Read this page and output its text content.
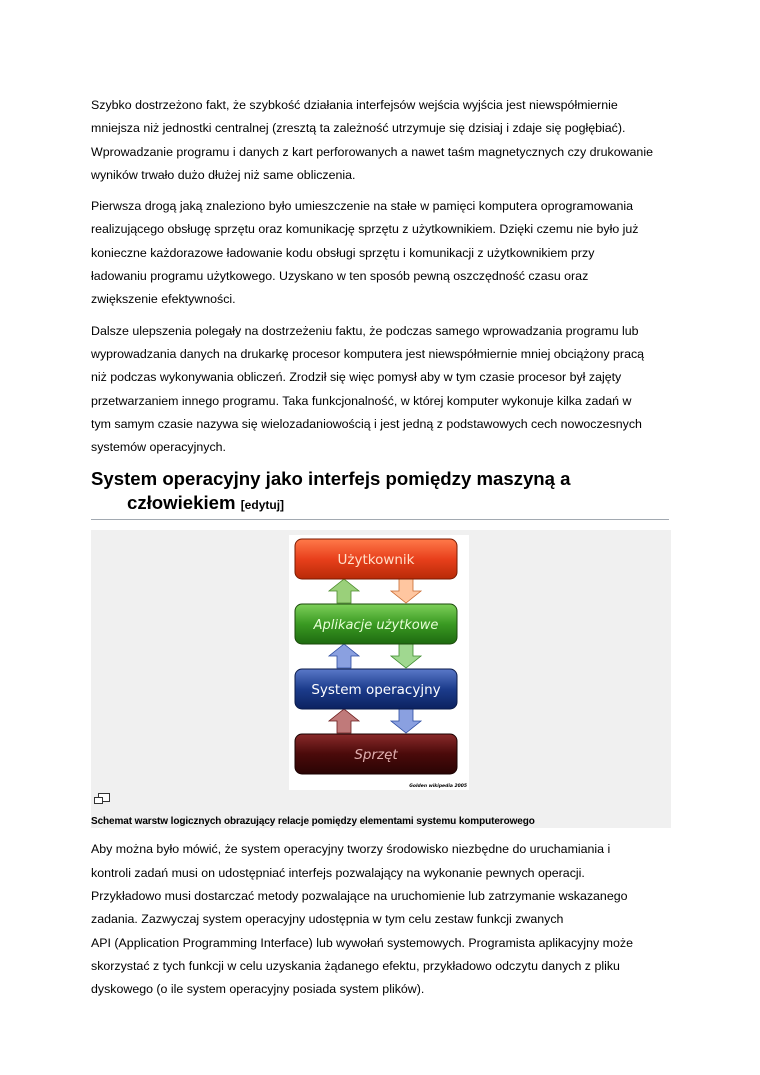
Szybko dostrzeżono fakt, że szybkość działania interfejsów wejścia wyjścia jest niewspółmiernie
mniejsza niż jednostki centralnej (zresztą ta zależność utrzymuje się dzisiaj i zdaje się pogłębiać).
Wprowadzanie programu i danych z kart perforowanych a nawet taśm magnetycznych czy drukowanie
wyników trwało dużo dłużej niż same obliczenia.

Pierwsza drogą jaką znaleziono było umieszczenie na stałe w pamięci komputera oprogramowania
realizującego obsługę sprzętu oraz komunikację sprzętu z użytkownikiem. Dzięki czemu nie było już
konieczne każdorazowe ładowanie kodu obsługi sprzętu i komunikacji z użytkownikiem przy
ładowaniu programu użytkowego. Uzyskano w ten sposób pewną oszczędność czasu oraz
zwiększenie efektywności.

Dalsze ulepszenia polegały na dostrzeżeniu faktu, że podczas samego wprowadzania programu lub
wyprowadzania danych na drukarkę procesor komputera jest niewspółmiernie mniej obciążony pracą
niż podczas wykonywania obliczeń. Zrodził się więc pomysł aby w tym czasie procesor był zajęty
przetwarzaniem innego programu. Taka funkcjonalność, w której komputer wykonuje kilka zadań w
tym samym czasie nazywa się wielozadaniowością i jest jedną z podstawowych cech nowoczesnych
systemów operacyjnych.

System operacyjny jako interfejs pomiędzy maszyną a człowiekiem [edytuj]
Użytkownik
Aplikacje użytkowe
System operacyjny
Sprzęt
Golden wikipedia 2005
Schemat warstw logicznych obrazujący relacje pomiędzy elementami systemu komputerowego

Aby można było mówić, że system operacyjny tworzy środowisko niezbędne do uruchamiania i
kontroli zadań musi on udostępniać interfejs pozwalający na wykonanie pewnych operacji.
Przykładowo musi dostarczać metody pozwalające na uruchomienie lub zatrzymanie wskazanego
zadania. Zazwyczaj system operacyjny udostępnia w tym celu zestaw funkcji zwanych
API (Application Programming Interface) lub wywołań systemowych. Programista aplikacyjny może
skorzystać z tych funkcji w celu uzyskania żądanego efektu, przykładowo odczytu danych z pliku
dyskowego (o ile system operacyjny posiada system plików).
